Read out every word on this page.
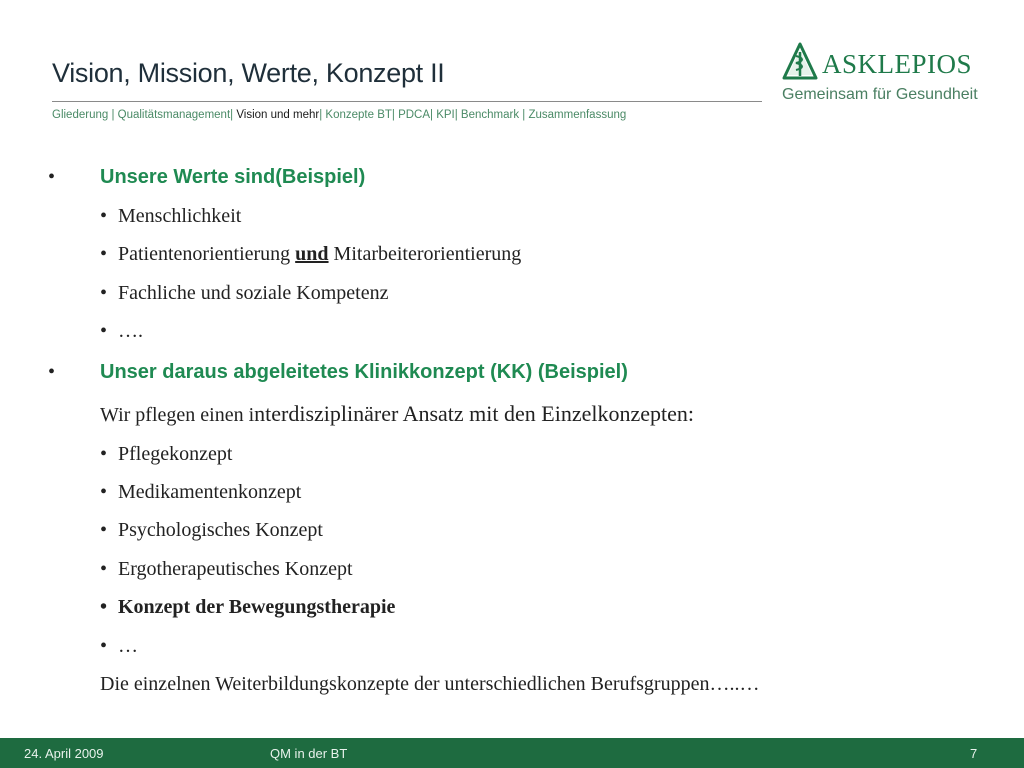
Vision, Mission, Werte, Konzept II
Gliederung | Qualitätsmanagement| Vision und mehr| Konzepte BT| PDCA| KPI| Benchmark | Zusammenfassung
ASKLEPIOS
Gemeinsam für Gesundheit
• Unsere Werte sind(Beispiel)
• Menschlichkeit
• Patientenorientierung und Mitarbeiterorientierung
• Fachliche und soziale Kompetenz
• ….
• Unser daraus abgeleitetes Klinikkonzept (KK) (Beispiel)
Wir pflegen einen interdisziplinärer Ansatz mit den Einzelkonzepten:
• Pflegekonzept
• Medikamentenkonzept
• Psychologisches Konzept
• Ergotherapeutisches Konzept
• Konzept der Bewegungstherapie
• …
Die einzelnen Weiterbildungskonzepte der unterschiedlichen Berufsgruppen…..…
24. April 2009	QM in der BT	7
